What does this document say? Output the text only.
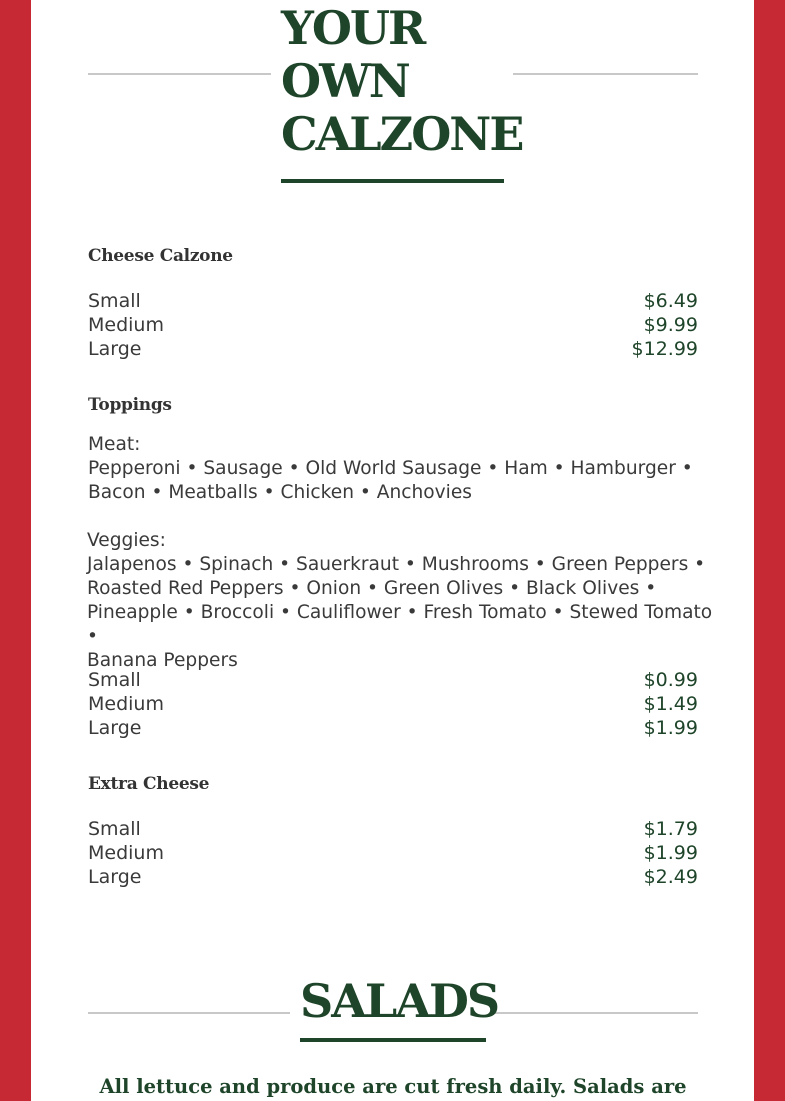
YOUR
OWN
CALZONE
Cheese Calzone
Small	$6.49
Medium	$9.99
Large	$12.99
Toppings
Meat:
Pepperoni • Sausage • Old World Sausage • Ham • Hamburger •
Bacon • Meatballs • Chicken • Anchovies
Veggies:
Jalapenos • Spinach • Sauerkraut • Mushrooms • Green Peppers •
Roasted Red Peppers • Onion • Green Olives • Black Olives •
Pineapple • Broccoli • Cauliflower • Fresh Tomato • Stewed Tomato •
Banana Peppers
Small	$0.99
Medium	$1.49
Large	$1.99
Extra Cheese
Small	$1.79
Medium	$1.99
Large	$2.49
SALADS
All lettuce and produce are cut fresh daily. Salads are
